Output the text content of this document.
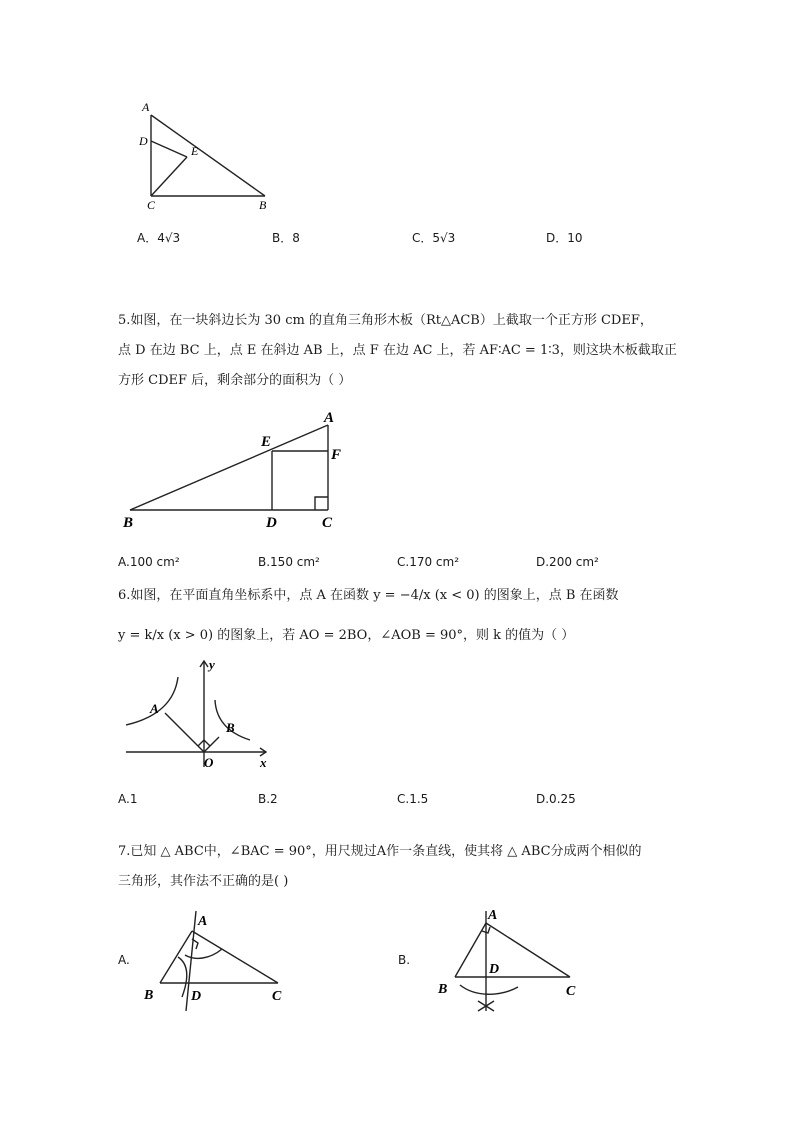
A
D
E
C	B
A．4√3	B．8	C．5√3	D．10
5.如图，在一块斜边长为 30 cm 的直角三角形木板（Rt△ACB）上截取一个正方形 CDEF，
点 D 在边 BC 上，点 E 在斜边 AB 上，点 F 在边 AC 上，若 AF∶AC = 1∶3，则这块木板截取正
方形 CDEF 后，剩余部分的面积为（ ）
A
E
F
B	D	C
A.100 cm²	B.150 cm²	C.170 cm²	D.200 cm²
6.如图，在平面直角坐标系中，点 A 在函数 y = −4/x (x < 0) 的图象上，点 B 在函数
y = k/x (x > 0) 的图象上，若 AO = 2BO，∠AOB = 90°，则 k 的值为（ ）
y
x
O
A
B
A.1	B.2	C.1.5	D.0.25
7.已知 △ ABC中，∠BAC = 90°，用尺规过A作一条直线，使其将 △ ABC分成两个相似的
三角形，其作法不正确的是( )
A.
A
B	D	C
B.
A
D
B	C
